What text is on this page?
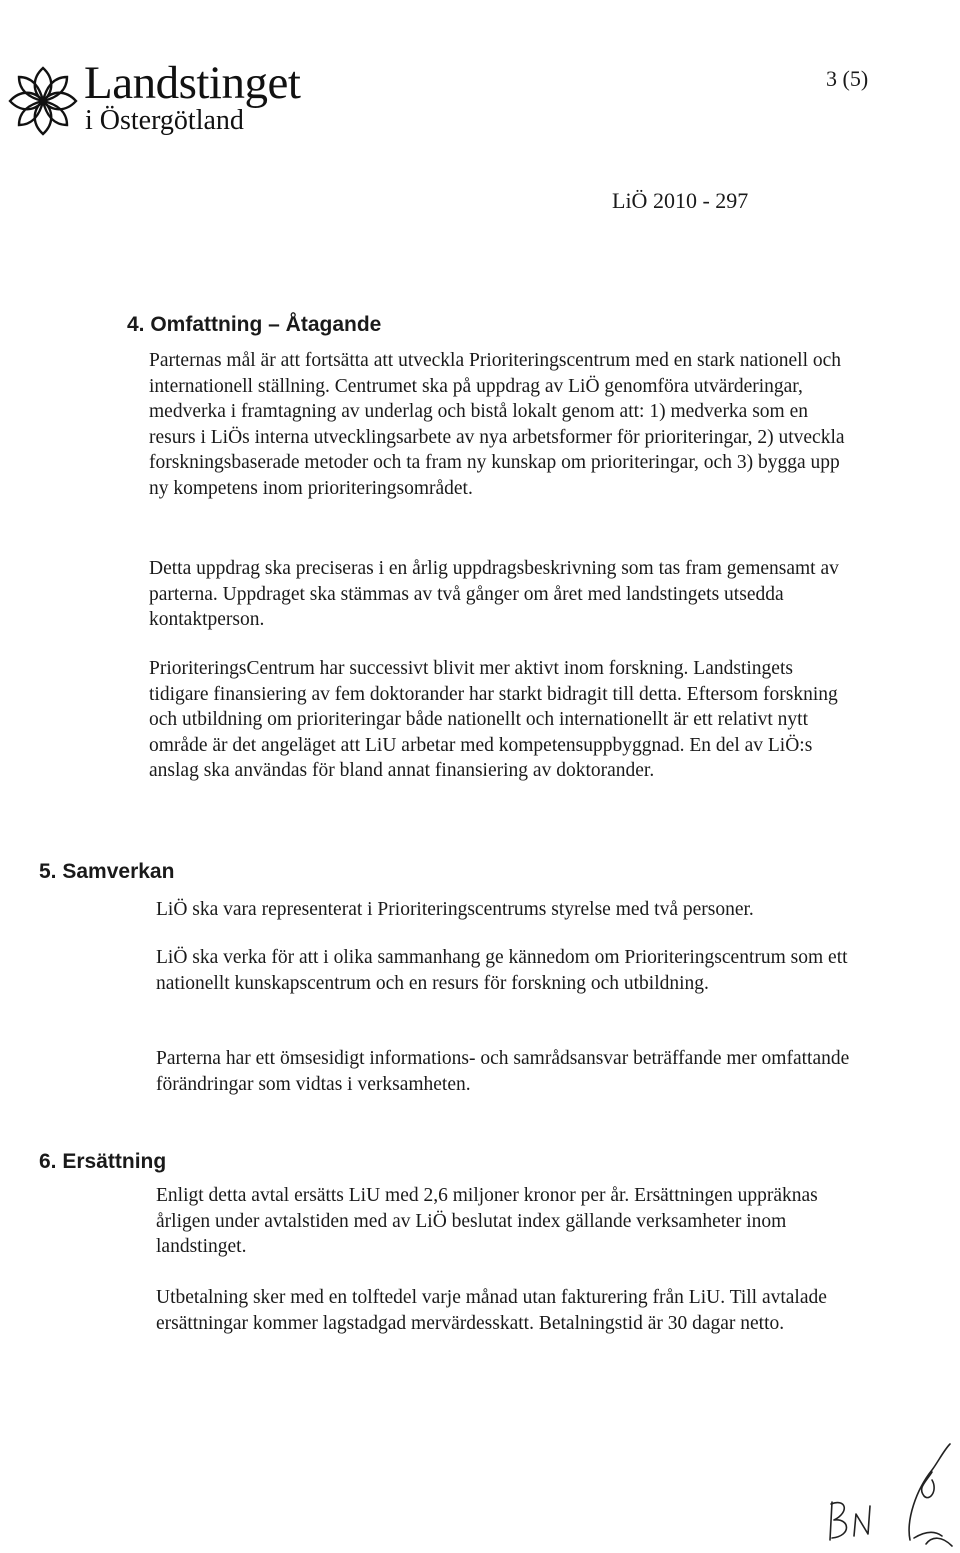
Landstinget
i Östergötland
3 (5)
LiÖ 2010 - 297
4. Omfattning – Åtagande
Parternas mål är att fortsätta att utveckla Prioriteringscentrum med en stark nationell och internationell ställning. Centrumet ska på uppdrag av LiÖ genomföra utvärderingar, medverka i framtagning av underlag och bistå lokalt genom att: 1) medverka som en resurs i LiÖs interna utvecklingsarbete av nya arbetsformer för prioriteringar, 2) utveckla forskningsbaserade metoder och ta fram ny kunskap om prioriteringar, och 3) bygga upp ny kompetens inom prioriteringsområdet.
Detta uppdrag ska preciseras i en årlig uppdragsbeskrivning som tas fram gemensamt av parterna. Uppdraget ska stämmas av två gånger om året med landstingets utsedda kontaktperson.
PrioriteringsCentrum har successivt blivit mer aktivt inom forskning. Landstingets tidigare finansiering av fem doktorander har starkt bidragit till detta. Eftersom forskning och utbildning om prioriteringar både nationellt och internationellt är ett relativt nytt område är det angeläget att LiU arbetar med kompetensuppbyggnad. En del av LiÖ:s anslag ska användas för bland annat finansiering av doktorander.
5. Samverkan
LiÖ ska vara representerat i Prioriteringscentrums styrelse med två personer.
LiÖ ska verka för att i olika sammanhang ge kännedom om Prioriteringscentrum som ett nationellt kunskapscentrum och en resurs för forskning och utbildning.
Parterna har ett ömsesidigt informations- och samrådsansvar beträffande mer omfattande förändringar som vidtas i verksamheten.
6. Ersättning
Enligt detta avtal ersätts LiU med 2,6 miljoner kronor per år. Ersättningen uppräknas årligen under avtalstiden med av LiÖ beslutat index gällande verksamheter inom landstinget.
Utbetalning sker med en tolftedel varje månad utan fakturering från LiU. Till avtalade ersättningar kommer lagstadgad mervärdesskatt. Betalningstid är 30 dagar netto.
